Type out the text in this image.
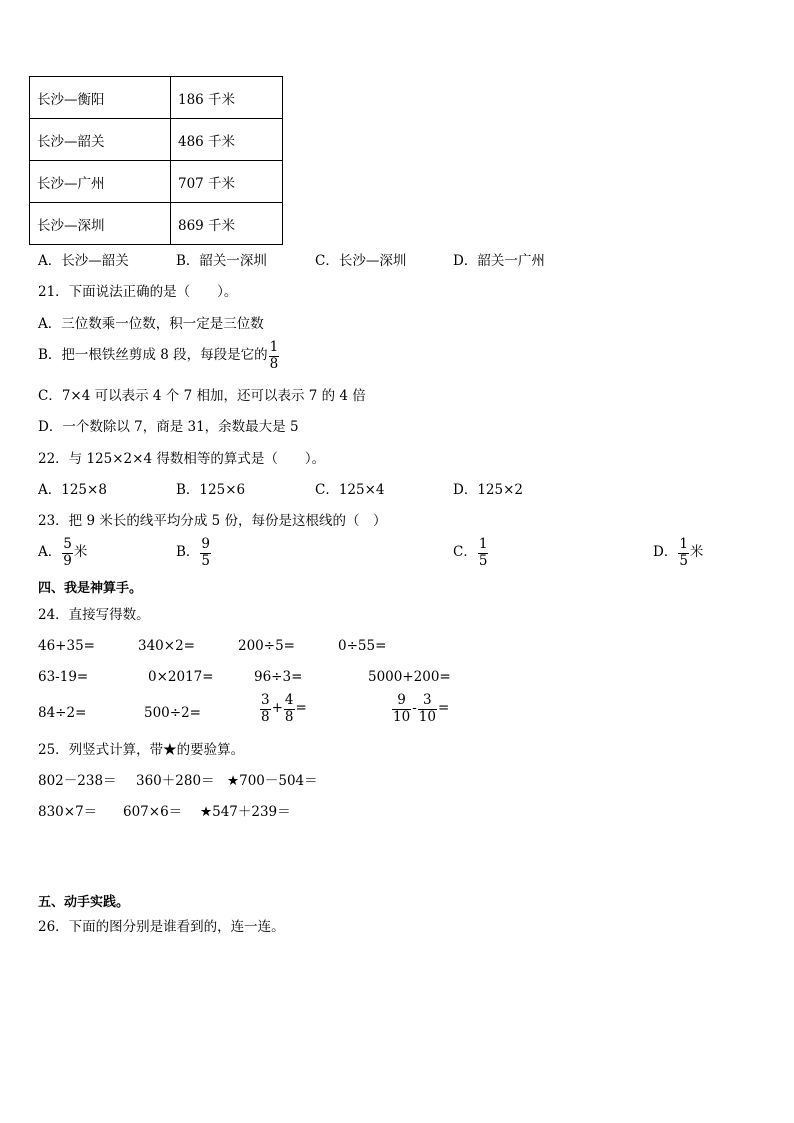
长沙—衡阳	186 千米
长沙—韶关	486 千米
长沙—广州	707 千米
长沙—深圳	869 千米
A．长沙—韶关	B．韶关一深圳	C．长沙—深圳	D．韶关一广州
21．下面说法正确的是（　　）。
A．三位数乘一位数，积一定是三位数
B．把一根铁丝剪成 8 段，每段是它的 $\frac{1}{8}$
C．7×4 可以表示 4 个 7 相加，还可以表示 7 的 4 倍
D．一个数除以 7，商是 31，余数最大是 5
22．与 125×2×4 得数相等的算式是（　　）。
A．125×8	B．125×6	C．125×4	D．125×2
23．把 9 米长的线平均分成 5 份，每份是这根线的（　）
A． $\frac{5}{9}$ 米	B． $\frac{9}{5}$	C． $\frac{1}{5}$	D． $\frac{1}{5}$ 米
四、我是神算手。
24．直接写得数。
46+35=	340×2=	200÷5=	0÷55=
63-19=	0×2017=	96÷3=	5000+200=
84÷2=	500÷2=	$\frac{3}{8} + \frac{4}{8}$ =	$\frac{9}{10} - \frac{3}{10}$ =
25．列竖式计算，带★的要验算。
802－238＝ 360＋280＝ ★700－504＝
830×7＝ 607×6＝ ★547＋239＝
五、动手实践。
26．下面的图分别是谁看到的，连一连。
